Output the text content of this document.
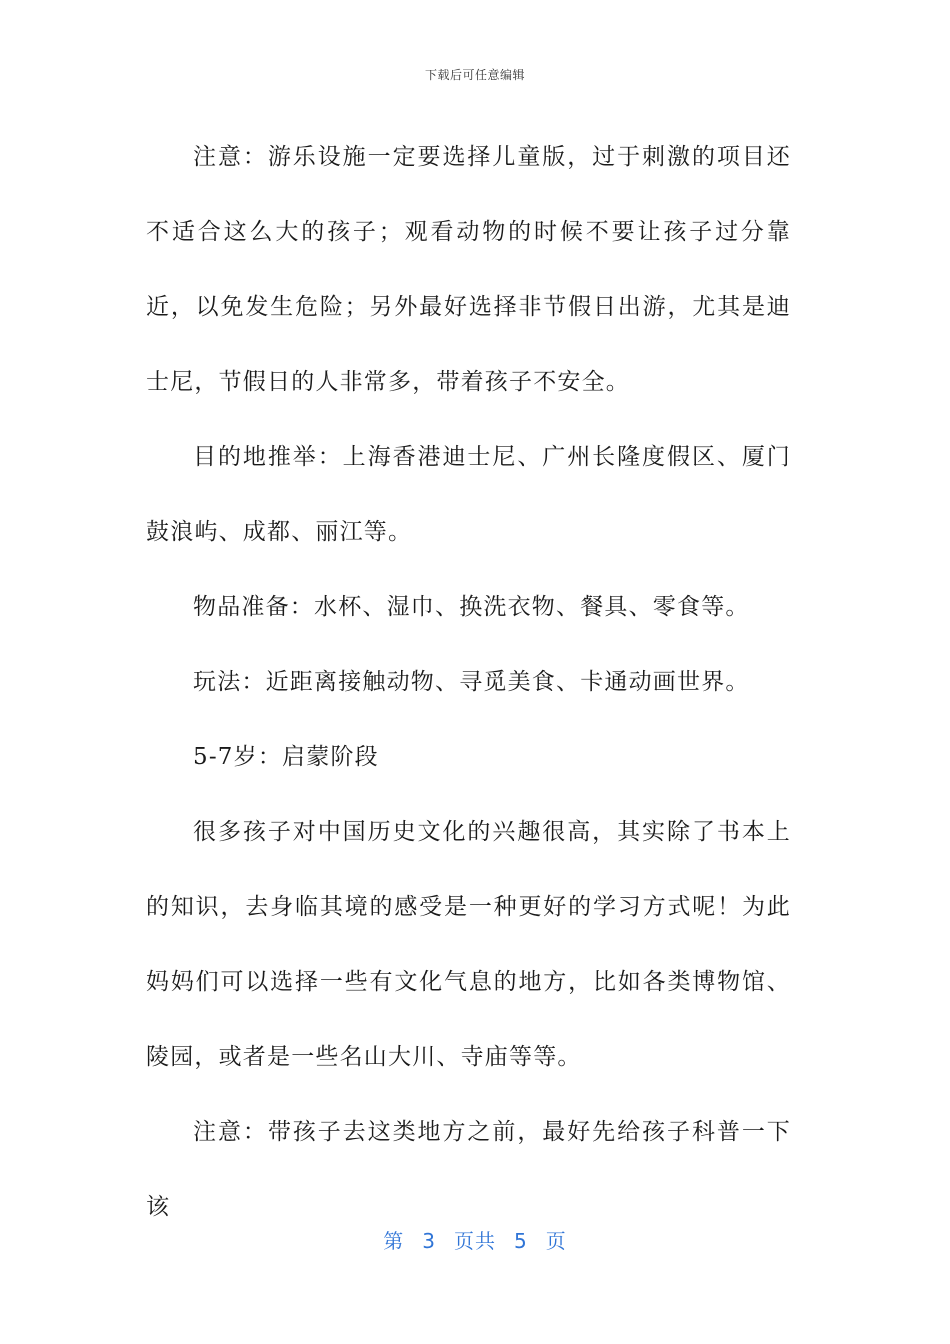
下载后可任意编辑

注意：游乐设施一定要选择儿童版，过于刺激的项目还不适合这么大的孩子；观看动物的时候不要让孩子过分靠近，以免发生危险；另外最好选择非节假日出游，尤其是迪士尼，节假日的人非常多，带着孩子不安全。

目的地推举：上海香港迪士尼、广州长隆度假区、厦门鼓浪屿、成都、丽江等。

物品准备：水杯、湿巾、换洗衣物、餐具、零食等。

玩法：近距离接触动物、寻觅美食、卡通动画世界。

5-7岁：启蒙阶段

很多孩子对中国历史文化的兴趣很高，其实除了书本上的知识，去身临其境的感受是一种更好的学习方式呢！为此妈妈们可以选择一些有文化气息的地方，比如各类博物馆、陵园，或者是一些名山大川、寺庙等等。

注意：带孩子去这类地方之前，最好先给孩子科普一下该

第 3 页共 5 页
